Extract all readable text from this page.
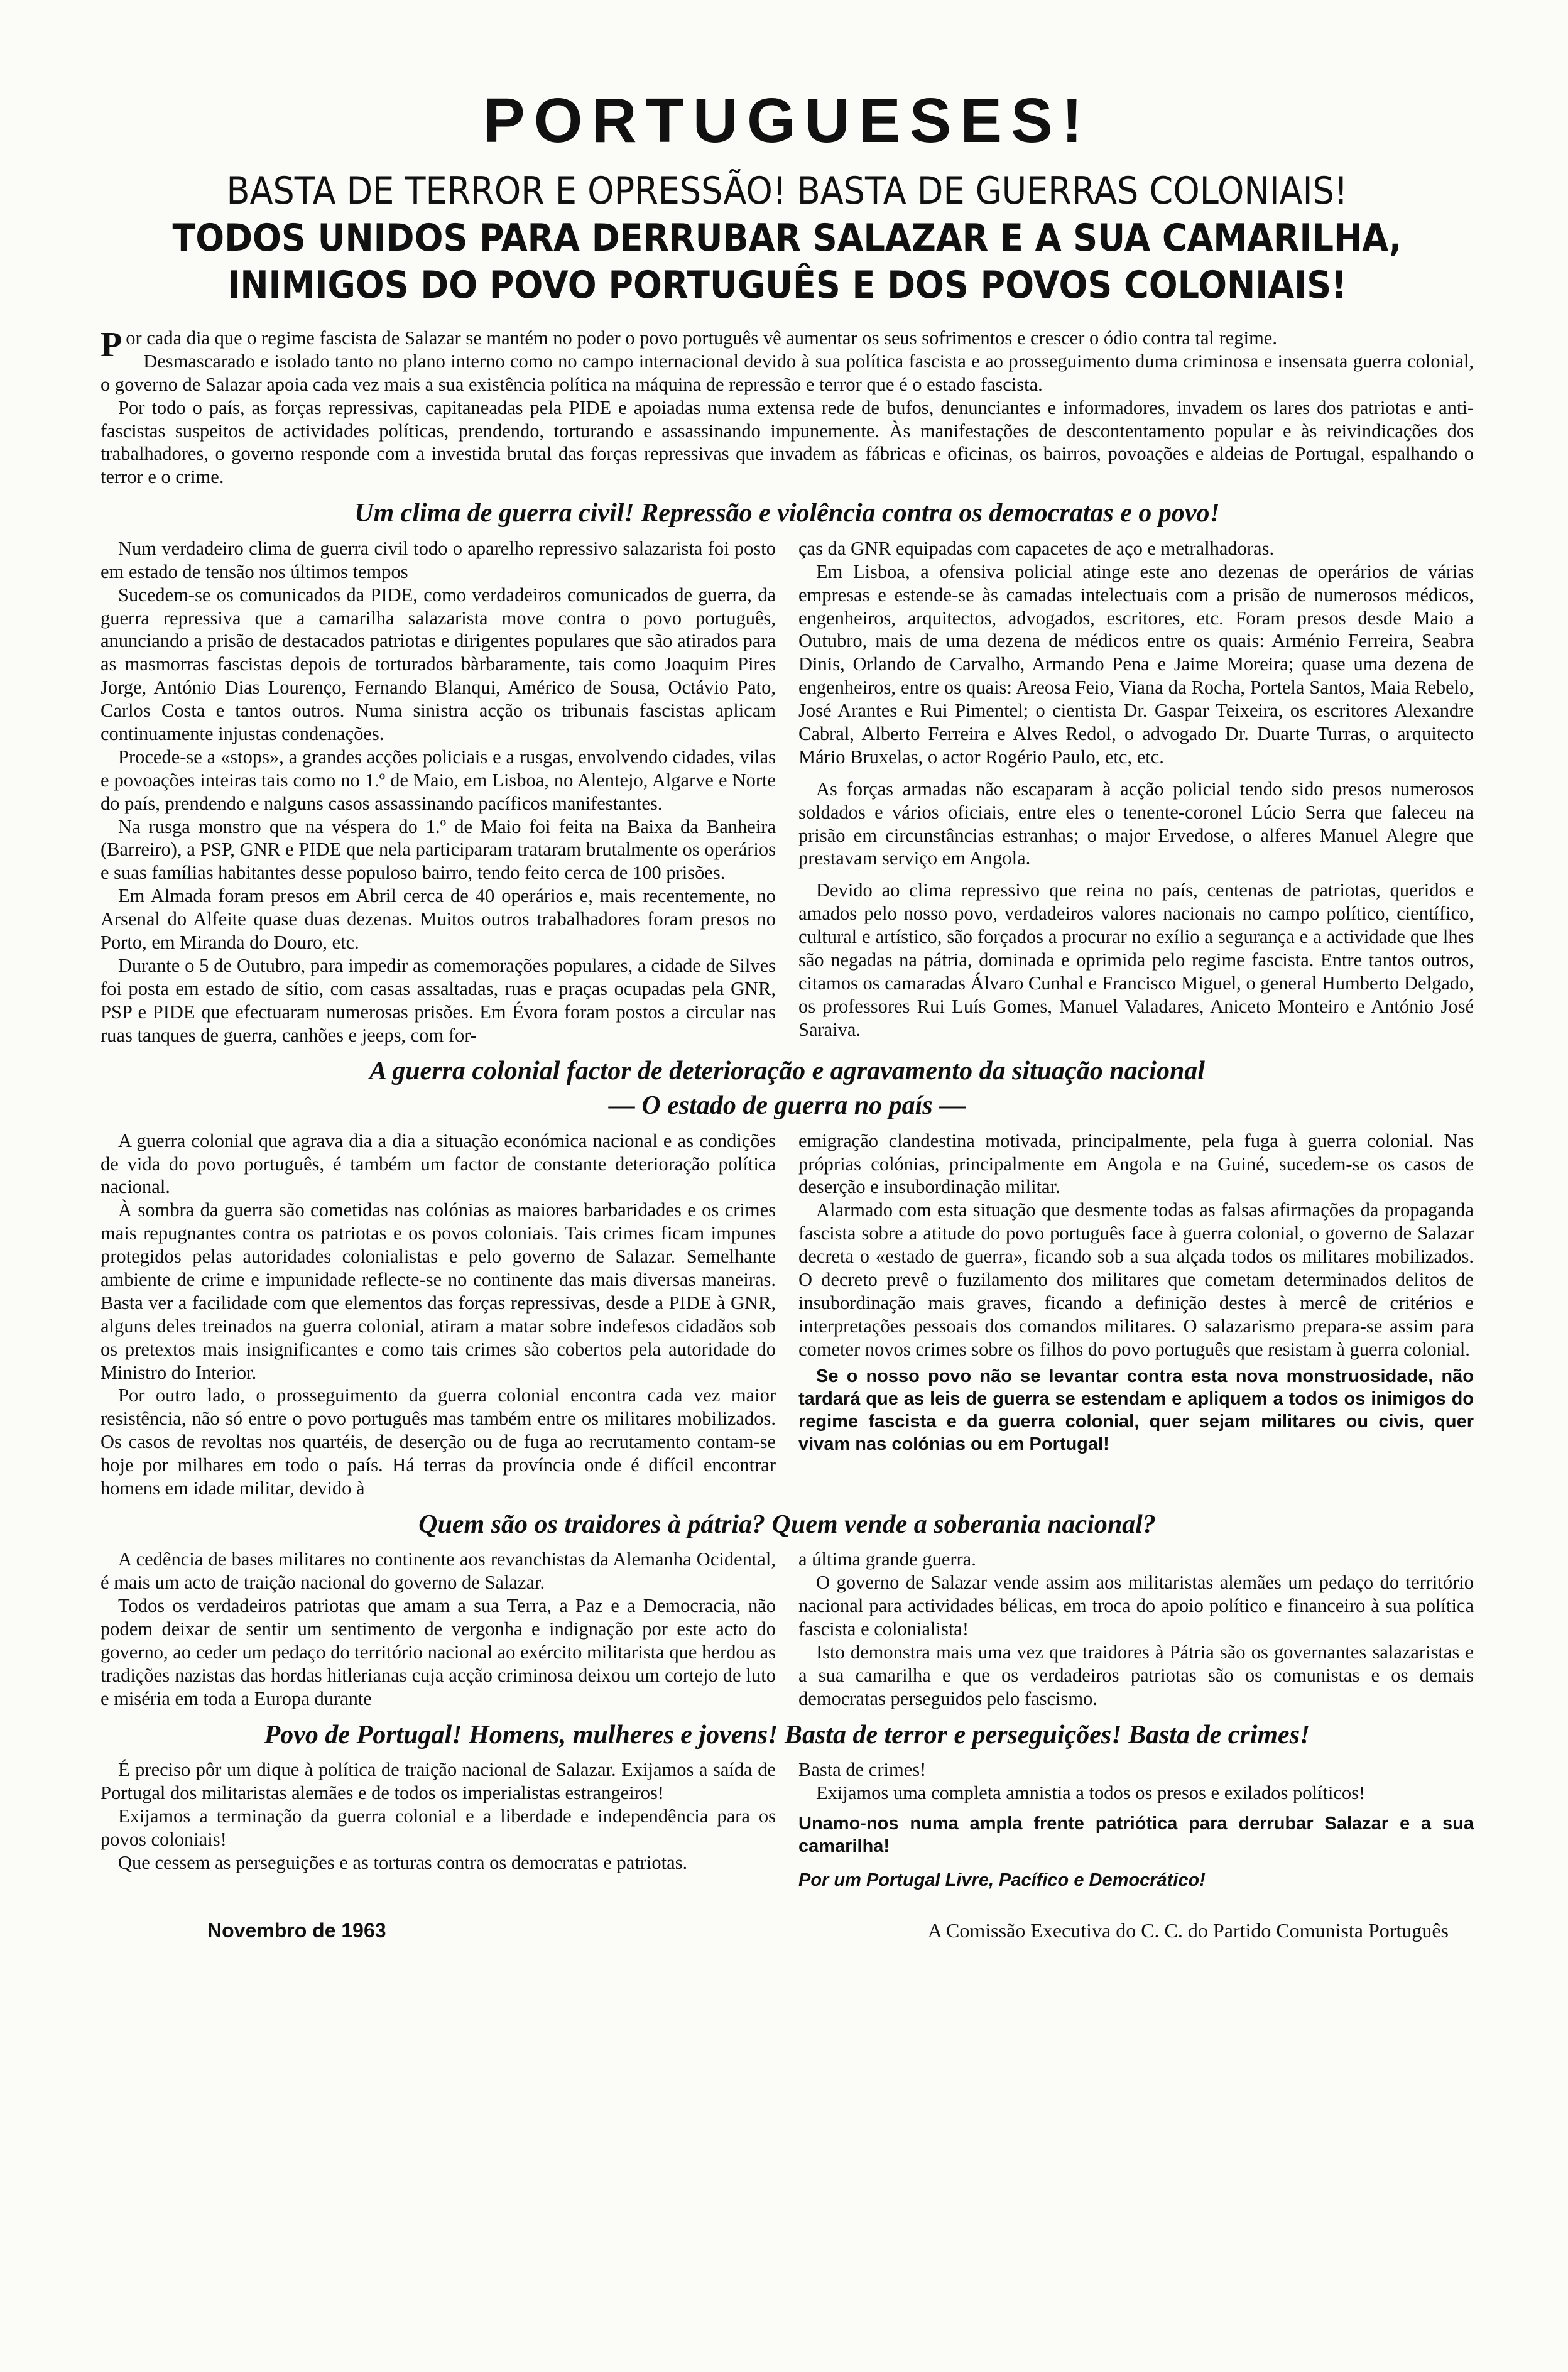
PORTUGUESES!
BASTA DE TERROR E OPRESSÃO! BASTA DE GUERRAS COLONIAIS!
TODOS UNIDOS PARA DERRUBAR SALAZAR E A SUA CAMARILHA,
INIMIGOS DO POVO PORTUGUÊS E DOS POVOS COLONIAIS!

Por cada dia que o regime fascista de Salazar se mantém no poder o povo português vê aumentar os seus sofrimentos e crescer o ódio contra tal regime.

Desmascarado e isolado tanto no plano interno como no campo internacional devido à sua política fascista e ao prosseguimento duma criminosa e insensata guerra colonial, o governo de Salazar apoia cada vez mais a sua existência política na máquina de repressão e terror que é o estado fascista.

Por todo o país, as forças repressivas, capitaneadas pela PIDE e apoiadas numa extensa rede de bufos, denunciantes e informadores, invadem os lares dos patriotas e anti-fascistas suspeitos de actividades políticas, prendendo, torturando e assassinando impunemente. Às manifestações de descontentamento popular e às reivindicações dos trabalhadores, o governo responde com a investida brutal das forças repressivas que invadem as fábricas e oficinas, os bairros, povoações e aldeias de Portugal, espalhando o terror e o crime.

Um clima de guerra civil! Repressão e violência contra os democratas e o povo!

Num verdadeiro clima de guerra civil todo o aparelho repressivo salazarista foi posto em estado de tensão nos últimos tempos

Sucedem-se os comunicados da PIDE, como verdadeiros comunicados de guerra, da guerra repressiva que a camarilha salazarista move contra o povo português, anunciando a prisão de destacados patriotas e dirigentes populares que são atirados para as masmorras fascistas depois de torturados bàrbaramente, tais como Joaquim Pires Jorge, António Dias Lourenço, Fernando Blanqui, Américo de Sousa, Octávio Pato, Carlos Costa e tantos outros. Numa sinistra acção os tribunais fascistas aplicam continuamente injustas condenações.

Procede-se a «stops», a grandes acções policiais e a rusgas, envolvendo cidades, vilas e povoações inteiras tais como no 1.º de Maio, em Lisboa, no Alentejo, Algarve e Norte do país, prendendo e nalguns casos assassinando pacíficos manifestantes.

Na rusga monstro que na véspera do 1.º de Maio foi feita na Baixa da Banheira (Barreiro), a PSP, GNR e PIDE que nela participaram trataram brutalmente os operários e suas famílias habitantes desse populoso bairro, tendo feito cerca de 100 prisões.

Em Almada foram presos em Abril cerca de 40 operários e, mais recentemente, no Arsenal do Alfeite quase duas dezenas. Muitos outros trabalhadores foram presos no Porto, em Miranda do Douro, etc.

Durante o 5 de Outubro, para impedir as comemorações populares, a cidade de Silves foi posta em estado de sítio, com casas assaltadas, ruas e praças ocupadas pela GNR, PSP e PIDE que efectuaram numerosas prisões. Em Évora foram postos a circular nas ruas tanques de guerra, canhões e jeeps, com for-

ças da GNR equipadas com capacetes de aço e metralhadoras.

Em Lisboa, a ofensiva policial atinge este ano dezenas de operários de várias empresas e estende-se às camadas intelectuais com a prisão de numerosos médicos, engenheiros, arquitectos, advogados, escritores, etc. Foram presos desde Maio a Outubro, mais de uma dezena de médicos entre os quais: Arménio Ferreira, Seabra Dinis, Orlando de Carvalho, Armando Pena e Jaime Moreira; quase uma dezena de engenheiros, entre os quais: Areosa Feio, Viana da Rocha, Portela Santos, Maia Rebelo, José Arantes e Rui Pimentel; o cientista Dr. Gaspar Teixeira, os escritores Alexandre Cabral, Alberto Ferreira e Alves Redol, o advogado Dr. Duarte Turras, o arquitecto Mário Bruxelas, o actor Rogério Paulo, etc, etc.

As forças armadas não escaparam à acção policial tendo sido presos numerosos soldados e vários oficiais, entre eles o tenente-coronel Lúcio Serra que faleceu na prisão em circunstâncias estranhas; o major Ervedose, o alferes Manuel Alegre que prestavam serviço em Angola.

Devido ao clima repressivo que reina no país, centenas de patriotas, queridos e amados pelo nosso povo, verdadeiros valores nacionais no campo político, científico, cultural e artístico, são forçados a procurar no exílio a segurança e a actividade que lhes são negadas na pátria, dominada e oprimida pelo regime fascista. Entre tantos outros, citamos os camaradas Álvaro Cunhal e Francisco Miguel, o general Humberto Delgado, os professores Rui Luís Gomes, Manuel Valadares, Aniceto Monteiro e António José Saraiva.

A guerra colonial factor de deterioração e agravamento da situação nacional
— O estado de guerra no país —

A guerra colonial que agrava dia a dia a situação económica nacional e as condições de vida do povo português, é também um factor de constante deterioração política nacional.

À sombra da guerra são cometidas nas colónias as maiores barbaridades e os crimes mais repugnantes contra os patriotas e os povos coloniais. Tais crimes ficam impunes protegidos pelas autoridades colonialistas e pelo governo de Salazar. Semelhante ambiente de crime e impunidade reflecte-se no continente das mais diversas maneiras. Basta ver a facilidade com que elementos das forças repressivas, desde a PIDE à GNR, alguns deles treinados na guerra colonial, atiram a matar sobre indefesos cidadãos sob os pretextos mais insignificantes e como tais crimes são cobertos pela autoridade do Ministro do Interior.

Por outro lado, o prosseguimento da guerra colonial encontra cada vez maior resistência, não só entre o povo português mas também entre os militares mobilizados. Os casos de revoltas nos quartéis, de deserção ou de fuga ao recrutamento contam-se hoje por milhares em todo o país. Há terras da província onde é difícil encontrar homens em idade militar, devido à

emigração clandestina motivada, principalmente, pela fuga à guerra colonial. Nas próprias colónias, principalmente em Angola e na Guiné, sucedem-se os casos de deserção e insubordinação militar.

Alarmado com esta situação que desmente todas as falsas afirmações da propaganda fascista sobre a atitude do povo português face à guerra colonial, o governo de Salazar decreta o «estado de guerra», ficando sob a sua alçada todos os militares mobilizados. O decreto prevê o fuzilamento dos militares que cometam determinados delitos de insubordinação mais graves, ficando a definição destes à mercê de critérios e interpretações pessoais dos comandos militares. O salazarismo prepara-se assim para cometer novos crimes sobre os filhos do povo português que resistam à guerra colonial.

Se o nosso povo não se levantar contra esta nova monstruosidade, não tardará que as leis de guerra se estendam e apliquem a todos os inimigos do regime fascista e da guerra colonial, quer sejam militares ou civis, quer vivam nas colónias ou em Portugal!

Quem são os traidores à pátria? Quem vende a soberania nacional?

A cedência de bases militares no continente aos revanchistas da Alemanha Ocidental, é mais um acto de traição nacional do governo de Salazar.

Todos os verdadeiros patriotas que amam a sua Terra, a Paz e a Democracia, não podem deixar de sentir um sentimento de vergonha e indignação por este acto do governo, ao ceder um pedaço do território nacional ao exército militarista que herdou as tradições nazistas das hordas hitlerianas cuja acção criminosa deixou um cortejo de luto e miséria em toda a Europa durante

a última grande guerra.

O governo de Salazar vende assim aos militaristas alemães um pedaço do território nacional para actividades bélicas, em troca do apoio político e financeiro à sua política fascista e colonialista!

Isto demonstra mais uma vez que traidores à Pátria são os governantes salazaristas e a sua camarilha e que os verdadeiros patriotas são os comunistas e os demais democratas perseguidos pelo fascismo.

Povo de Portugal! Homens, mulheres e jovens! Basta de terror e perseguições! Basta de crimes!

É preciso pôr um dique à política de traição nacional de Salazar. Exijamos a saída de Portugal dos militaristas alemães e de todos os imperialistas estrangeiros!

Exijamos a terminação da guerra colonial e a liberdade e independência para os povos coloniais!

Que cessem as perseguições e as torturas contra os democratas e patriotas.

Basta de crimes!

Exijamos uma completa amnistia a todos os presos e exilados políticos!

Unamo-nos numa ampla frente patriótica para derrubar Salazar e a sua camarilha!

Por um Portugal Livre, Pacífico e Democrático!

Novembro de 1963	A Comissão Executiva do C. C. do Partido Comunista Português
